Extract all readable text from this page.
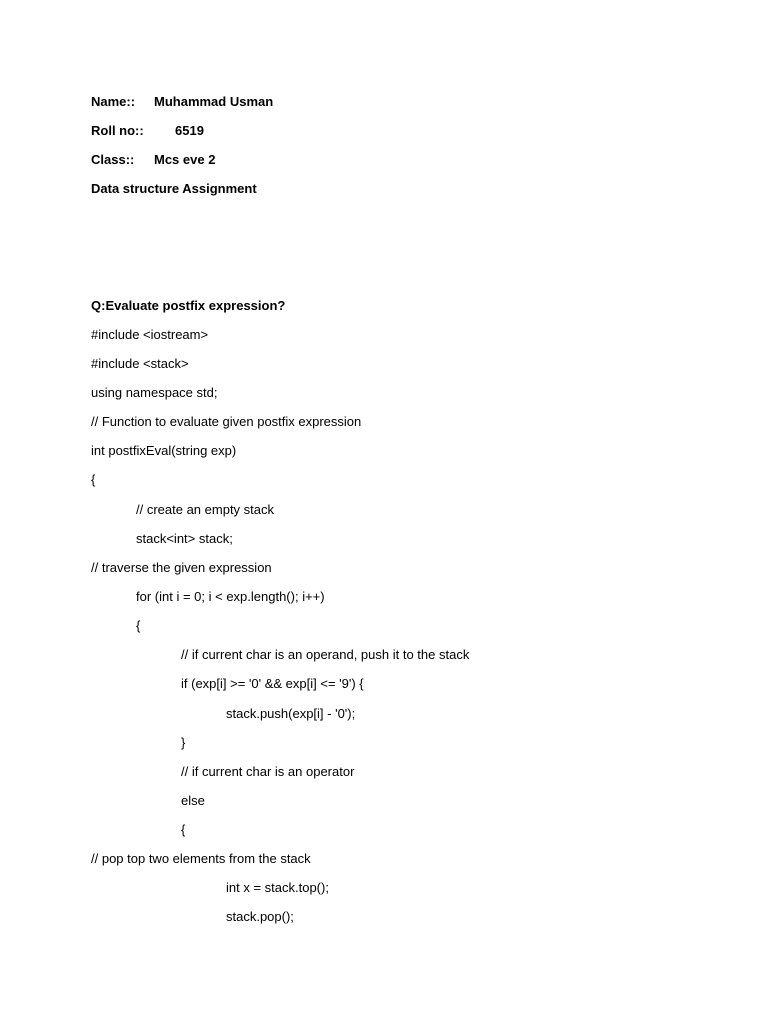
Name:: Muhammad Usman
Roll no:: 6519
Class:: Mcs eve 2
Data structure Assignment
Q:Evaluate postfix expression?
#include <iostream>
#include <stack>
using namespace std;
// Function to evaluate given postfix expression
int postfixEval(string exp)
{
// create an empty stack
stack<int> stack;
// traverse the given expression
for (int i = 0; i < exp.length(); i++)
{
// if current char is an operand, push it to the stack
if (exp[i] >= '0' && exp[i] <= '9') {
stack.push(exp[i] - '0');
}
// if current char is an operator
else
{
// pop top two elements from the stack
int x = stack.top();
stack.pop();
